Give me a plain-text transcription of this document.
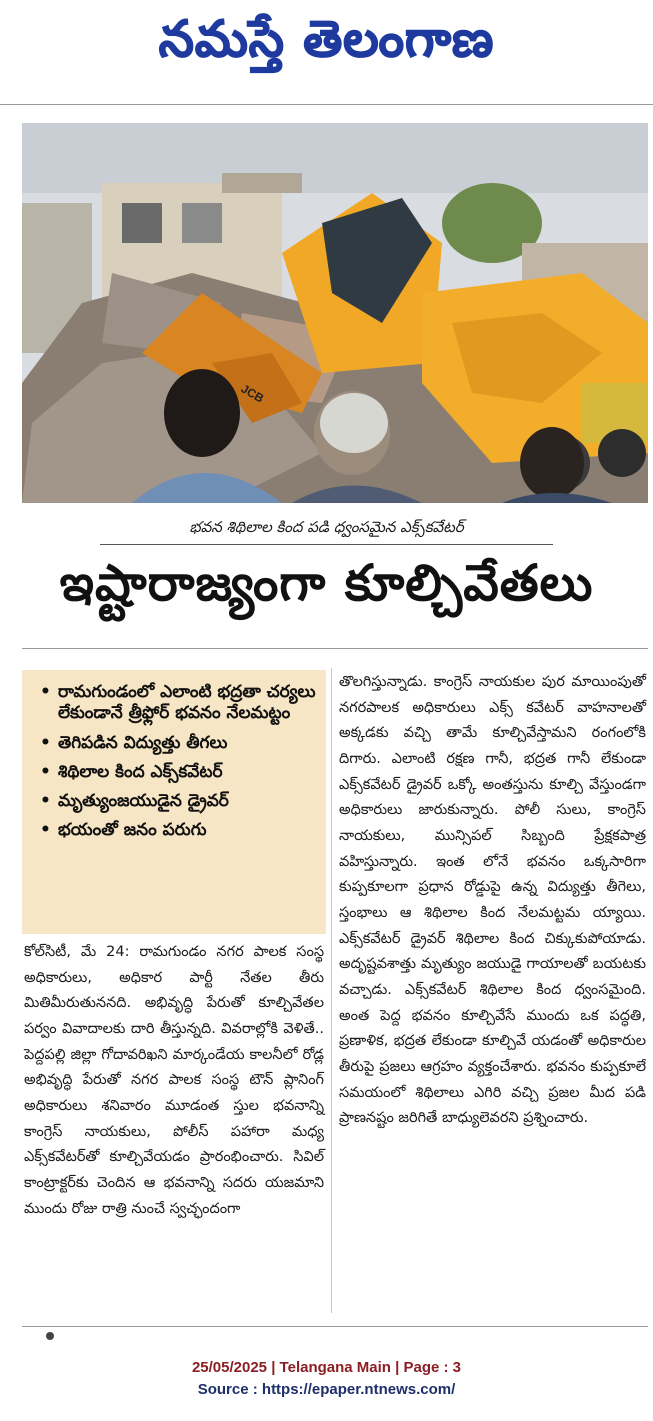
నమస్తే తెలంగాణ
JCB
భవన శిథిలాల కింద పడి ధ్వంసమైన ఎక్స్‌కవేటర్
ఇష్టారాజ్యంగా కూల్చివేతలు
• రామగుండంలో ఎలాంటి భద్రతా చర్యలు లేకుండానే త్రీఫ్లోర్ భవనం నేలమట్టం
• తెగిపడిన విద్యుత్తు తీగలు
• శిథిలాల కింద ఎక్స్‌కవేటర్
• మృత్యుంజయుడైన డ్రైవర్
• భయంతో జనం పరుగు

కోల్‌సిటీ, మే 24: రామగుండం నగర పాలక సంస్థ అధికారులు, అధికార పార్టీ నేతల తీరు మితిమీరుతుననది. అభివృద్ధి పేరుతో కూల్చివేతల పర్వం వివాదాలకు దారి తీస్తున్నది. వివరాల్లోకి వెళితే.. పెద్దపల్లి జిల్లా గోదావరిఖని మార్కండేయ కాలనీలో రోడ్ల అభివృద్ధి పేరుతో నగర పాలక సంస్థ టౌన్ ప్లానింగ్ అధికారులు శనివారం మూడంత స్తుల భవనాన్ని కాంగ్రెస్ నాయకులు, పోలీస్ పహారా మధ్య ఎక్స్‌కవేటర్‌తో కూల్చివేయడం ప్రారంభించారు. సివిల్ కాంట్రాక్టర్‌కు చెందిన ఆ భవనాన్ని సదరు యజమాని ముందు రోజు రాత్రి నుంచే స్వచ్ఛందంగా

తొలగిస్తున్నాడు. కాంగ్రెస్ నాయకుల పుర మాయింపుతో నగరపాలక అధికారులు ఎక్స్ కవేటర్ వాహనాలతో అక్కడకు వచ్చి తామే కూల్చివేస్తామని రంగంలోకి దిగారు. ఎలాంటి రక్షణ గానీ, భద్రత గానీ లేకుండా ఎక్స్‌కవేటర్ డ్రైవర్ ఒక్కో అంతస్తును కూల్చి వేస్తుండగా అధికారులు జారుకున్నారు. పోలీ సులు, కాంగ్రెస్ నాయకులు, మున్సిపల్ సిబ్బంది ప్రేక్షకపాత్ర వహిస్తున్నారు. ఇంత లోనే భవనం ఒక్కసారిగా కుప్పకూలగా ప్రధాన రోడ్డుపై ఉన్న విద్యుత్తు తీగెలు, స్తంభాలు ఆ శిథిలాల కింద నేలమట్టమ య్యాయి. ఎక్స్‌కవేటర్ డ్రైవర్ శిథిలాల కింద చిక్కుకుపోయాడు. అదృష్టవశాత్తు మృత్యుం జయుడై గాయాలతో బయటకు వచ్చాడు. ఎక్స్‌కవేటర్ శిథిలాల కింద ధ్వంసమైంది. అంత పెద్ద భవనం కూల్చివేసే ముందు ఒక పద్ధతి, ప్రణాళిక, భద్రత లేకుండా కూల్చివే యడంతో అధికారుల తీరుపై ప్రజలు ఆగ్రహం వ్యక్తంచేశారు. భవనం కుప్పకూలే సమయంలో శిథిలాలు ఎగిరి వచ్చి ప్రజల మీద పడి ప్రాణనష్టం జరిగితే బాధ్యులెవరని ప్రశ్నించారు.

25/05/2025 | Telangana Main | Page : 3
Source : https://epaper.ntnews.com/
